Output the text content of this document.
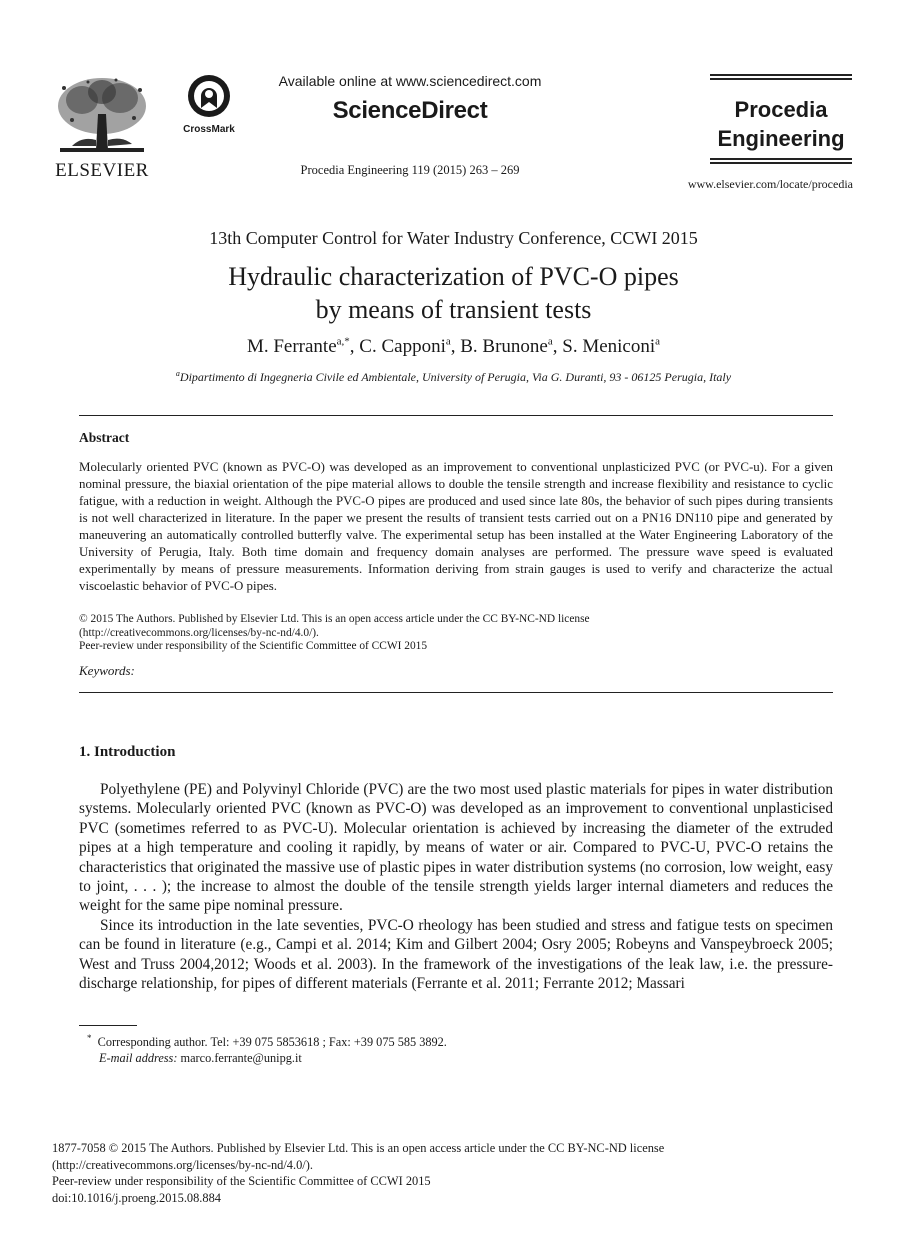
ELSEVIER
CrossMark
Available online at www.sciencedirect.com
ScienceDirect
Procedia Engineering 119 (2015) 263 – 269
Procedia
Engineering
www.elsevier.com/locate/procedia
13th Computer Control for Water Industry Conference, CCWI 2015
Hydraulic characterization of PVC-O pipes
by means of transient tests
M. Ferrante$^{a,*}$, C. Capponi$^a$, B. Brunone$^a$, S. Meniconi$^a$
$^a$Dipartimento di Ingegneria Civile ed Ambientale, University of Perugia, Via G. Duranti, 93 - 06125 Perugia, Italy
Abstract
Molecularly oriented PVC (known as PVC-O) was developed as an improvement to conventional unplasticized PVC (or PVC-u). For a given nominal pressure, the biaxial orientation of the pipe material allows to double the tensile strength and increase flexibility and resistance to cyclic fatigue, with a reduction in weight. Although the PVC-O pipes are produced and used since late 80s, the behavior of such pipes during transients is not well characterized in literature. In the paper we present the results of transient tests carried out on a PN16 DN110 pipe and generated by maneuvering an automatically controlled butterfly valve. The experimental setup has been installed at the Water Engineering Laboratory of the University of Perugia, Italy. Both time domain and frequency domain analyses are performed. The pressure wave speed is evaluated experimentally by means of pressure measurements. Information deriving from strain gauges is used to verify and characterize the actual viscoelastic behavior of PVC-O pipes.
© 2015 The Authors. Published by Elsevier Ltd. This is an open access article under the CC BY-NC-ND license
(http://creativecommons.org/licenses/by-nc-nd/4.0/).
Peer-review under responsibility of the Scientific Committee of CCWI 2015
Keywords:
1. Introduction

Polyethylene (PE) and Polyvinyl Chloride (PVC) are the two most used plastic materials for pipes in water distribution systems. Molecularly oriented PVC (known as PVC-O) was developed as an improvement to conventional unplasticised PVC (sometimes referred to as PVC-U). Molecular orientation is achieved by increasing the diameter of the extruded pipes at a high temperature and cooling it rapidly, by means of water or air. Compared to PVC-U, PVC-O retains the characteristics that originated the massive use of plastic pipes in water distribution systems (no corrosion, low weight, easy to joint, . . . ); the increase to almost the double of the tensile strength yields larger internal diameters and reduces the weight for the same pipe nominal pressure.

Since its introduction in the late seventies, PVC-O rheology has been studied and stress and fatigue tests on specimen can be found in literature (e.g., Campi et al. 2014; Kim and Gilbert 2004; Osry 2005; Robeyns and Vanspeybroeck 2005; West and Truss 2004,2012; Woods et al. 2003). In the framework of the investigations of the leak law, i.e. the pressure-discharge relationship, for pipes of different materials (Ferrante et al. 2011; Ferrante 2012; Massari

* Corresponding author. Tel: +39 075 5853618 ; Fax: +39 075 585 3892.
E-mail address: marco.ferrante@unipg.it
1877-7058 © 2015 The Authors. Published by Elsevier Ltd. This is an open access article under the CC BY-NC-ND license
(http://creativecommons.org/licenses/by-nc-nd/4.0/).
Peer-review under responsibility of the Scientific Committee of CCWI 2015
doi:10.1016/j.proeng.2015.08.884
